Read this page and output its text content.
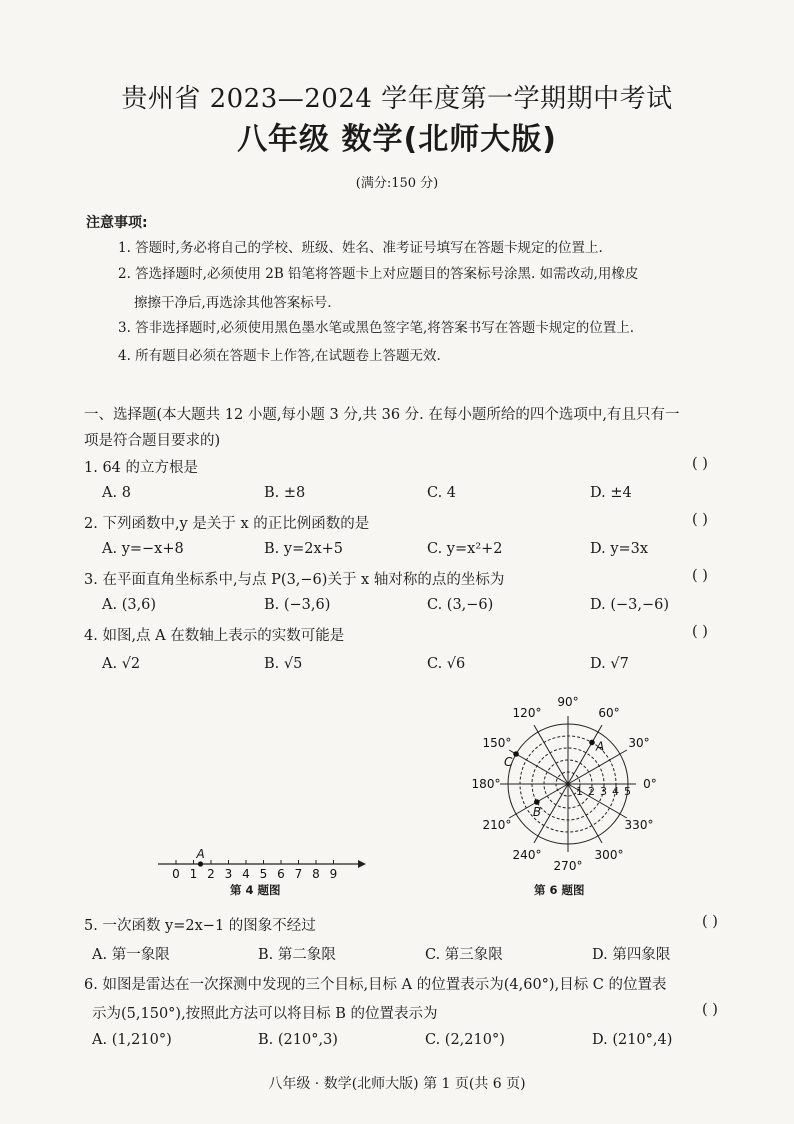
贵州省 2023—2024 学年度第一学期期中考试
八年级 数学(北师大版)
(满分:150 分)
注意事项:
1. 答题时,务必将自己的学校、班级、姓名、准考证号填写在答题卡规定的位置上.
2. 答选择题时,必须使用 2B 铅笔将答题卡上对应题目的答案标号涂黑. 如需改动,用橡皮
擦擦干净后,再选涂其他答案标号.
3. 答非选择题时,必须使用黑色墨水笔或黑色签字笔,将答案书写在答题卡规定的位置上.
4. 所有题目必须在答题卡上作答,在试题卷上答题无效.
一、选择题(本大题共 12 小题,每小题 3 分,共 36 分. 在每小题所给的四个选项中,有且只有一
项是符合题目要求的)
1. 64 的立方根是	( )
A. 8	B. ±8	C. 4	D. ±4
2. 下列函数中,y 是关于 x 的正比例函数的是	( )
A. y=−x+8	B. y=2x+5	C. y=x²+2	D. y=3x
3. 在平面直角坐标系中,与点 P(3,−6)关于 x 轴对称的点的坐标为	( )
A. (3,6)	B. (−3,6)	C. (3,−6)	D. (−3,−6)
4. 如图,点 A 在数轴上表示的实数可能是	( )
A. √2	B. √5	C. √6	D. √7
0 1 2 3 4 5 6 7 8 9
A
第 4 题图
90°
60°
30°
0°
330°
300°
270°
240°
210°
180°
150°
120°
1 2 3 4 5
A
C
B
第 6 题图
5. 一次函数 y=2x−1 的图象不经过	( )
A. 第一象限	B. 第二象限	C. 第三象限	D. 第四象限
6. 如图是雷达在一次探测中发现的三个目标,目标 A 的位置表示为(4,60°),目标 C 的位置表
示为(5,150°),按照此方法可以将目标 B 的位置表示为	( )
A. (1,210°)	B. (210°,3)	C. (2,210°)	D. (210°,4)
八年级 · 数学(北师大版) 第 1 页(共 6 页)
